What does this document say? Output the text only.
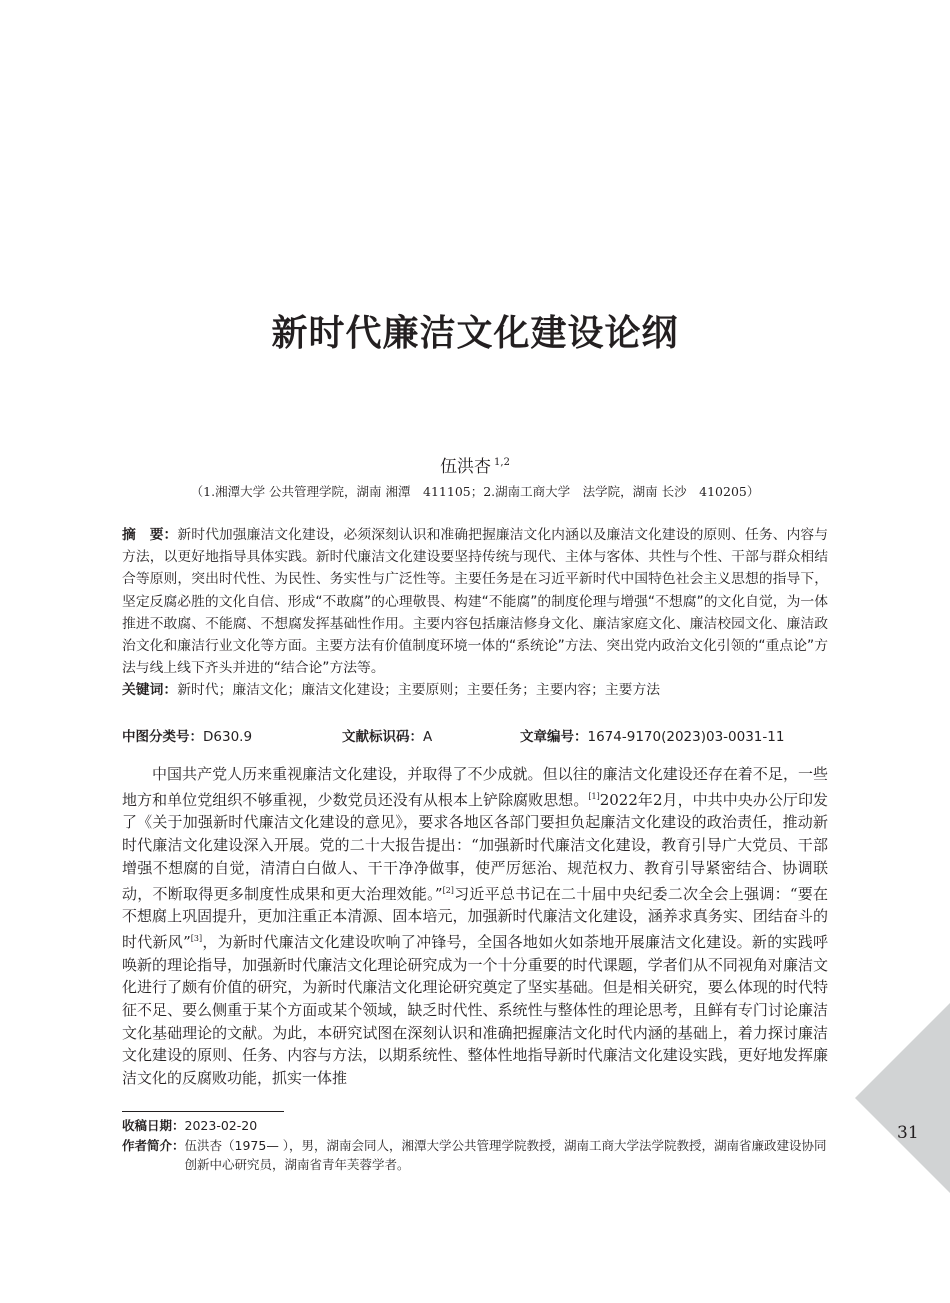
新时代廉洁文化建设论纲
伍洪杏 $^{1,2}$
（1.湘潭大学 公共管理学院，湖南 湘潭　411105；2.湖南工商大学　法学院，湖南 长沙　410205）
摘　要：新时代加强廉洁文化建设，必须深刻认识和准确把握廉洁文化内涵以及廉洁文化建设的原则、任务、内容与方法，以更好地指导具体实践。新时代廉洁文化建设要坚持传统与现代、主体与客体、共性与个性、干部与群众相结合等原则，突出时代性、为民性、务实性与广泛性等。主要任务是在习近平新时代中国特色社会主义思想的指导下，坚定反腐必胜的文化自信、形成“不敢腐”的心理敬畏、构建“不能腐”的制度伦理与增强“不想腐”的文化自觉，为一体推进不敢腐、不能腐、不想腐发挥基础性作用。主要内容包括廉洁修身文化、廉洁家庭文化、廉洁校园文化、廉洁政治文化和廉洁行业文化等方面。主要方法有价值制度环境一体的“系统论”方法、突出党内政治文化引领的“重点论”方法与线上线下齐头并进的“结合论”方法等。
关键词：新时代；廉洁文化；廉洁文化建设；主要原则；主要任务；主要内容；主要方法
中图分类号：D630.9	文献标识码：A	文章编号：1674-9170(2023)03-0031-11
中国共产党人历来重视廉洁文化建设，并取得了不少成就。但以往的廉洁文化建设还存在着不足，一些地方和单位党组织不够重视，少数党员还没有从根本上铲除腐败思想。[1]2022年2月，中共中央办公厅印发了《关于加强新时代廉洁文化建设的意见》，要求各地区各部门要担负起廉洁文化建设的政治责任，推动新时代廉洁文化建设深入开展。党的二十大报告提出：“加强新时代廉洁文化建设，教育引导广大党员、干部增强不想腐的自觉，清清白白做人、干干净净做事，使严厉惩治、规范权力、教育引导紧密结合、协调联动，不断取得更多制度性成果和更大治理效能。”[2]习近平总书记在二十届中央纪委二次全会上强调：“要在不想腐上巩固提升，更加注重正本清源、固本培元，加强新时代廉洁文化建设，涵养求真务实、团结奋斗的时代新风”[3]，为新时代廉洁文化建设吹响了冲锋号，全国各地如火如荼地开展廉洁文化建设。新的实践呼唤新的理论指导，加强新时代廉洁文化理论研究成为一个十分重要的时代课题，学者们从不同视角对廉洁文化进行了颇有价值的研究，为新时代廉洁文化理论研究奠定了坚实基础。但是相关研究，要么体现的时代特征不足、要么侧重于某个方面或某个领域，缺乏时代性、系统性与整体性的理论思考，且鲜有专门讨论廉洁文化基础理论的文献。为此，本研究试图在深刻认识和准确把握廉洁文化时代内涵的基础上，着力探讨廉洁文化建设的原则、任务、内容与方法，以期系统性、整体性地指导新时代廉洁文化建设实践，更好地发挥廉洁文化的反腐败功能，抓实一体推
收稿日期：2023-02-20
作者简介： 伍洪杏（1975— ），男，湖南会同人，湘潭大学公共管理学院教授，湖南工商大学法学院教授，湖南省廉政建设协同创新中心研究员，湖南省青年芙蓉学者。
31
